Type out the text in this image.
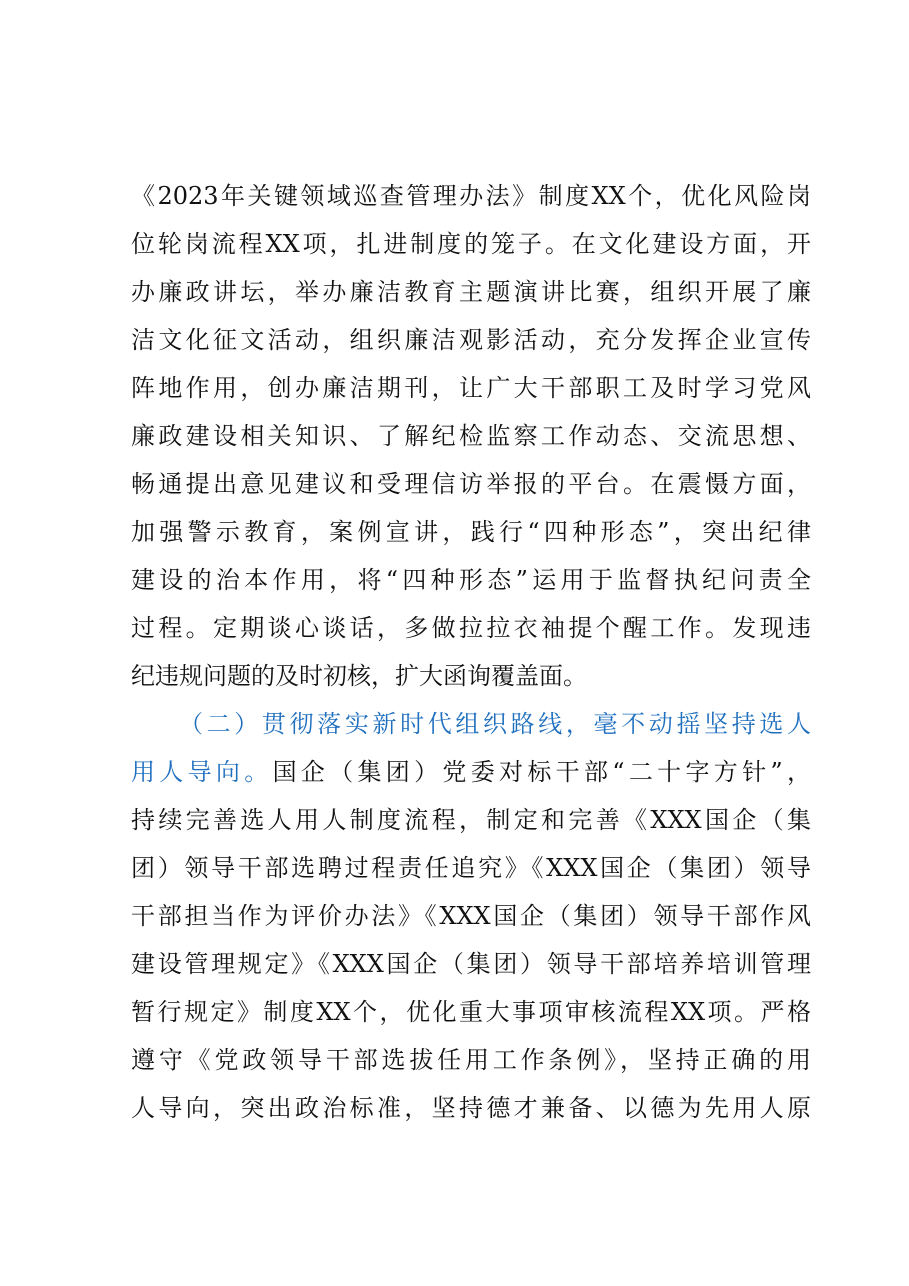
《2023年关键领域巡查管理办法》制度XX个，优化风险岗
位轮岗流程XX项，扎进制度的笼子。在文化建设方面，开
办廉政讲坛，举办廉洁教育主题演讲比赛，组织开展了廉
洁文化征文活动，组织廉洁观影活动，充分发挥企业宣传
阵地作用，创办廉洁期刊，让广大干部职工及时学习党风
廉政建设相关知识、了解纪检监察工作动态、交流思想、
畅通提出意见建议和受理信访举报的平台。在震慑方面，
加强警示教育，案例宣讲，践行“四种形态”，突出纪律
建设的治本作用，将“四种形态”运用于监督执纪问责全
过程。定期谈心谈话，多做拉拉衣袖提个醒工作。发现违
纪违规问题的及时初核，扩大函询覆盖面。
（二）贯彻落实新时代组织路线，毫不动摇坚持选人
用人导向。国企（集团）党委对标干部“二十字方针”，
持续完善选人用人制度流程，制定和完善《XXX国企（集
团）领导干部选聘过程责任追究》《XXX国企（集团）领导
干部担当作为评价办法》《XXX国企（集团）领导干部作风
建设管理规定》《XXX国企（集团）领导干部培养培训管理
暂行规定》制度XX个，优化重大事项审核流程XX项。严格
遵守《党政领导干部选拔任用工作条例》，坚持正确的用
人导向，突出政治标准，坚持德才兼备、以德为先用人原
